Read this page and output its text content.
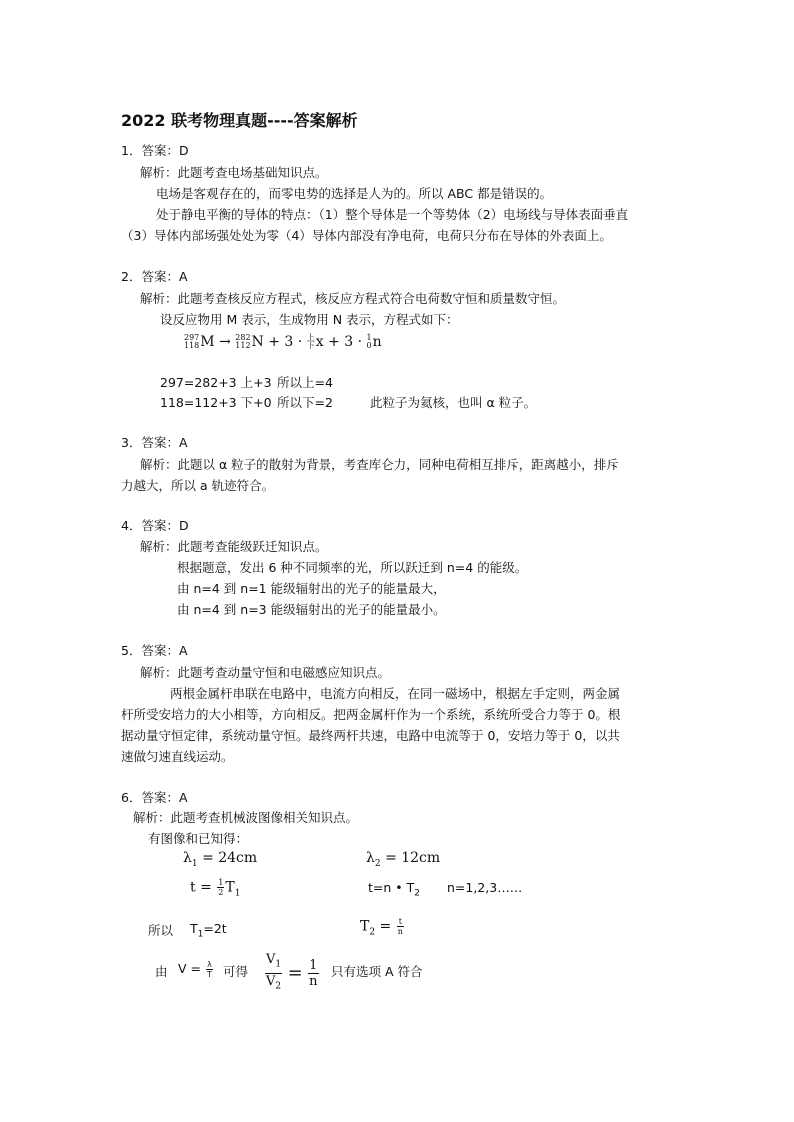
2022 联考物理真题----答案解析
1．答案：D
解析：此题考查电场基础知识点。
电场是客观存在的，而零电势的选择是人为的。所以 ABC 都是错误的。
处于静电平衡的导体的特点：（1）整个导体是一个等势体（2）电场线与导体表面垂直
（3）导体内部场强处处为零（4）导体内部没有净电荷，电荷只分布在导体的外表面上。
2．答案：A
解析：此题考查核反应方程式，核反应方程式符合电荷数守恒和质量数守恒。
设反应物用 M 表示，生成物用 N 表示，方程式如下：
297
118 M → 282
112 N + 3 · 上
下 x + 3 · 1
0 n
297=282+3 上+3 所以上=4
118=112+3 下+0 所以下=2	此粒子为氦核，也叫 α 粒子。
3．答案：A
解析：此题以 α 粒子的散射为背景，考查库仑力，同种电荷相互排斥，距离越小，排斥
力越大，所以 a 轨迹符合。
4．答案：D
解析：此题考查能级跃迁知识点。
根据题意，发出 6 种不同频率的光，所以跃迁到 n=4 的能级。
由 n=4 到 n=1 能级辐射出的光子的能量最大，
由 n=4 到 n=3 能级辐射出的光子的能量最小。
5．答案：A
解析：此题考查动量守恒和电磁感应知识点。
两根金属杆串联在电路中，电流方向相反，在同一磁场中，根据左手定则，两金属
杆所受安培力的大小相等，方向相反。把两金属杆作为一个系统，系统所受合力等于 0。根
据动量守恒定律，系统动量守恒。最终两杆共速，电路中电流等于 0，安培力等于 0，以共
速做匀速直线运动。
6．答案：A
解析：此题考查机械波图像相关知识点。
有图像和已知得：
$\lambda_1 = 24cm$	$\lambda_2 = 12cm$
$t = \frac{1}{2} T_1$	t=n • $T_2$ n=1,2,3……
所以 $T_1=2t$	$T_2 = \frac{t}{n}$
由 $V = \frac{\lambda}{T}$ 可得 $\frac{V_1}{V_2} = \frac{1}{n}$ 只有选项 A 符合
